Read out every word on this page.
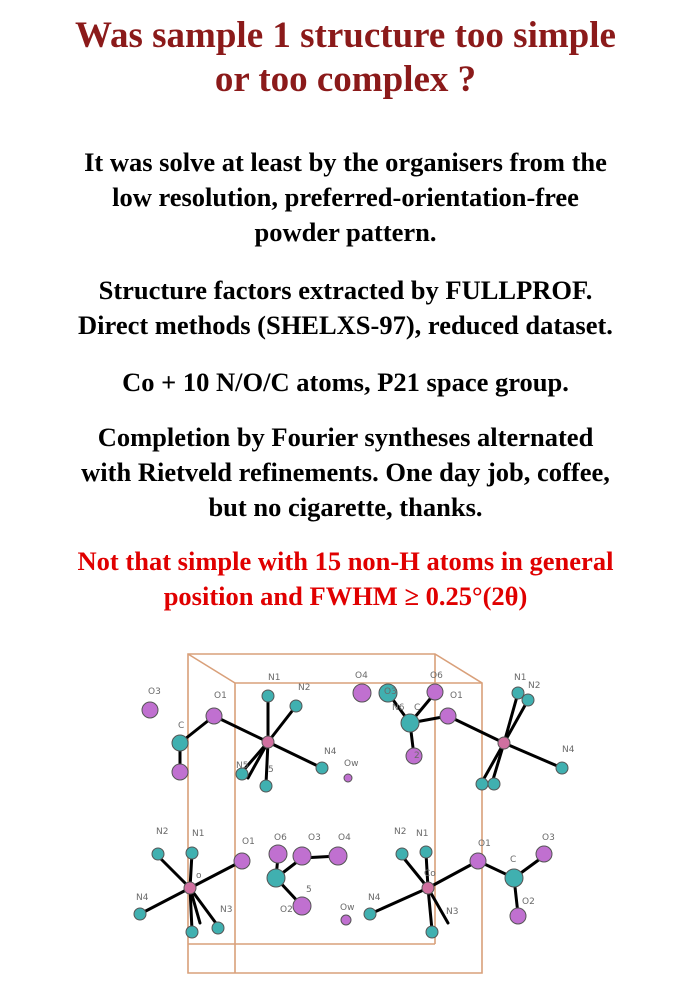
Was sample 1 structure too simple
or too complex ?
It was solve at least by the organisers from the
low resolution, preferred-orientation-free
powder pattern.
Structure factors extracted by FULLPROF.
Direct methods (SHELXS-97), reduced dataset.
Co + 10 N/O/C atoms, P21 space group.
Completion by Fourier syntheses alternated
with Rietveld refinements. One day job, coffee,
but no cigarette, thanks.
Not that simple with 15 non-H atoms in general
position and FWHM ≥ 0.25°(2θ)
O3	O1
N1
N2
C
N4
N5 5
Ow
O4
O3
O6
N6 C
O1
N1
N2
N4
2
N2	N1
O1 O6 O3 O4
o
N4
N3
5
O2
N2 N1
O1
O3
C
Co
N4
Ow	N3
O2
